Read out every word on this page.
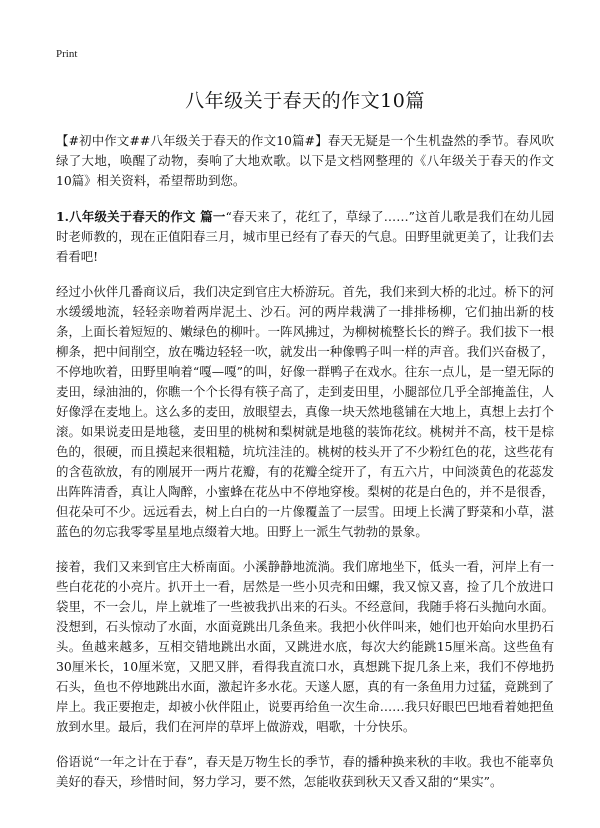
Print
八年级关于春天的作文10篇

【#初中作文##八年级关于春天的作文10篇#】春天无疑是一个生机盎然的季节。春风吹绿了大地，唤醒了动物，奏响了大地欢歌。以下是文档网整理的《八年级关于春天的作文10篇》相关资料，希望帮助到您。

1.八年级关于春天的作文 篇一“春天来了，花红了，草绿了……”这首儿歌是我们在幼儿园时老师教的，现在正值阳春三月，城市里已经有了春天的气息。田野里就更美了，让我们去看看吧!

经过小伙伴几番商议后，我们决定到官庄大桥游玩。首先，我们来到大桥的北过。桥下的河水缓缓地流，轻轻亲吻着两岸泥土、沙石。河的两岸栽满了一排排杨柳，它们抽出新的枝条，上面长着短短的、嫩绿色的柳叶。一阵风拂过，为柳树梳整长长的辫子。我们拔下一根柳条，把中间削空，放在嘴边轻轻一吹，就发出一种像鸭子叫一样的声音。我们兴奋极了，不停地吹着，田野里响着“嘎—嘎”的叫，好像一群鸭子在戏水。往东一点儿，是一望无际的麦田，绿油油的，你瞧一个个长得有筷子高了，走到麦田里，小腿部位几乎全部掩盖住，人好像浮在麦地上。这么多的麦田，放眼望去，真像一块天然地毯铺在大地上，真想上去打个滚。如果说麦田是地毯，麦田里的桃树和梨树就是地毯的装饰花纹。桃树并不高，枝干是棕色的，很硬，而且摸起来很粗糙，坑坑洼洼的。桃树的枝头开了不少粉红色的花，这些花有的含苞欲放，有的刚展开一两片花瓣，有的花瓣全绽开了，有五六片，中间淡黄色的花蕊发出阵阵清香，真让人陶醉，小蜜蜂在花丛中不停地穿梭。梨树的花是白色的，并不是很香，但花朵可不少。远远看去，树上白白的一片像覆盖了一层雪。田埂上长满了野菜和小草，湛蓝色的勿忘我零零星星地点缀着大地。田野上一派生气勃勃的景象。

接着，我们又来到官庄大桥南面。小溪静静地流淌。我们席地坐下，低头一看，河岸上有一些白花花的小亮片。扒开土一看，居然是一些小贝壳和田螺，我又惊又喜，捡了几个放进口袋里，不一会儿，岸上就堆了一些被我扒出来的石头。不经意间，我随手将石头抛向水面。没想到，石头惊动了水面，水面竟跳出几条鱼来。我把小伙伴叫来，她们也开始向水里扔石头。鱼越来越多，互相交错地跳出水面，又跳进水底，每次大约能跳15厘米高。这些鱼有30厘米长，10厘米宽，又肥又胖，看得我直流口水，真想跳下捉几条上来，我们不停地扔石头，鱼也不停地跳出水面，激起许多水花。天遂人愿，真的有一条鱼用力过猛，竟跳到了岸上。我正要抱走，却被小伙伴阻止，说要再给鱼一次生命……我只好眼巴巴地看着她把鱼放到水里。最后，我们在河岸的草坪上做游戏，唱歌，十分快乐。

俗语说“一年之计在于春”，春天是万物生长的季节，春的播种换来秋的丰收。我也不能辜负美好的春天，珍惜时间，努力学习，要不然，怎能收获到秋天又香又甜的“果实”。
